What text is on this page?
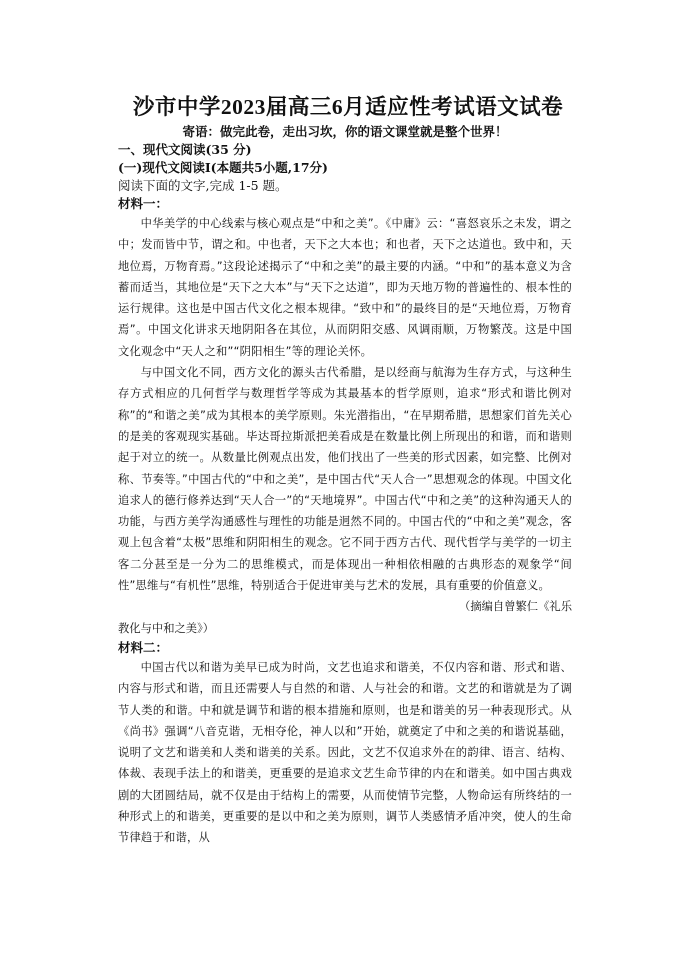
沙市中学2023届高三6月适应性考试语文试卷
寄语：做完此卷，走出习坎，你的语文课堂就是整个世界！
一、现代文阅读(35 分)
(一)现代文阅读I(本题共5小题,17分)
阅读下面的文字,完成 1-5 题。
材料一：

中华美学的中心线索与核心观点是“中和之美”。《中庸》云：“喜怒哀乐之未发，谓之中；发而皆中节，谓之和。中也者，天下之大本也；和也者，天下之达道也。致中和，天地位焉，万物育焉。”这段论述揭示了“中和之美”的最主要的内涵。“中和”的基本意义为含蓄而适当，其地位是“天下之大本”与“天下之达道”，即为天地万物的普遍性的、根本性的运行规律。这也是中国古代文化之根本规律。“致中和”的最终目的是“天地位焉，万物育焉”。中国文化讲求天地阴阳各在其位，从而阴阳交感、风调雨顺，万物繁茂。这是中国文化观念中“天人之和”“阴阳相生”等的理论关怀。

与中国文化不同，西方文化的源头古代希腊，是以经商与航海为生存方式，与这种生存方式相应的几何哲学与数理哲学等成为其最基本的哲学原则，追求“形式和谐比例对称”的“和谐之美”成为其根本的美学原则。朱光潜指出，“在早期希腊，思想家们首先关心的是美的客观现实基础。毕达哥拉斯派把美看成是在数量比例上所现出的和谐，而和谐则起于对立的统一。从数量比例观点出发，他们找出了一些美的形式因素，如完整、比例对称、节奏等。”中国古代的“中和之美”，是中国古代“天人合一”思想观念的体现。中国文化追求人的德行修养达到“天人合一”的“天地境界”。中国古代“中和之美”的这种沟通天人的功能，与西方美学沟通感性与理性的功能是迥然不同的。中国古代的“中和之美”观念，客观上包含着“太极”思维和阴阳相生的观念。它不同于西方古代、现代哲学与美学的一切主客二分甚至是一分为二的思维模式，而是体现出一种相依相融的古典形态的观象学“间性”思维与“有机性”思维，特别适合于促进审美与艺术的发展，具有重要的价值意义。

（摘编自曾繁仁《礼乐
教化与中和之美》）
材料二：

中国古代以和谐为美早已成为时尚，文艺也追求和谐美，不仅内容和谐、形式和谐、内容与形式和谐，而且还需要人与自然的和谐、人与社会的和谐。文艺的和谐就是为了调节人类的和谐。中和就是调节和谐的根本措施和原则，也是和谐美的另一种表现形式。从《尚书》强调“八音克谐，无相夺伦，神人以和”开始，就奠定了中和之美的和谐说基础，说明了文艺和谐美和人类和谐美的关系。因此，文艺不仅追求外在的韵律、语言、结构、体裁、表现手法上的和谐美，更重要的是追求文艺生命节律的内在和谐美。如中国古典戏剧的大团圆结局，就不仅是由于结构上的需要，从而使情节完整，人物命运有所终结的一种形式上的和谐美，更重要的是以中和之美为原则，调节人类感情矛盾冲突，使人的生命节律趋于和谐，从
